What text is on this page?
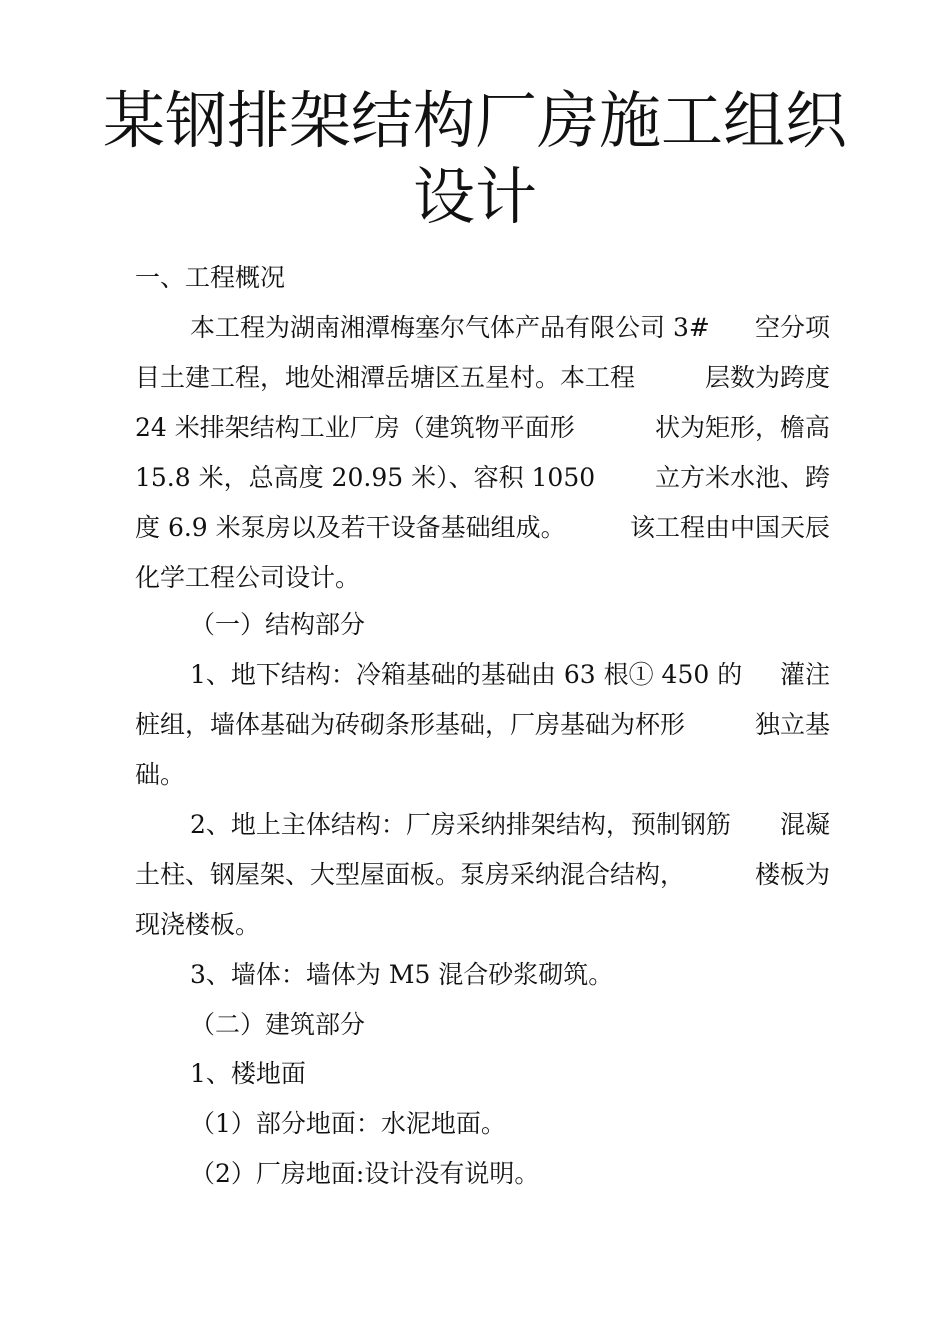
某钢排架结构厂房施工组织
设计
一、工程概况
本工程为湖南湘潭梅塞尔气体产品有限公司 3# 空分项
目土建工程，地处湘潭岳塘区五星村。本工程	层数为跨度
24 米排架结构工业厂房（建筑物平面形	状为矩形，檐高
15.8 米，总高度 20.95 米）、容积 1050 立方米水池、跨
度 6.9 米泵房以及若干设备基础组成。	该工程由中国天辰
化学工程公司设计。
（一）结构部分
1、地下结构：冷箱基础的基础由 63 根① 450 的 灌注
桩组，墙体基础为砖砌条形基础，厂房基础为杯形	独立基
础。
2、地上主体结构：厂房采纳排架结构，预制钢筋 混凝
土柱、钢屋架、大型屋面板。泵房采纳混合结构，	楼板为
现浇楼板。
3、墙体：墙体为 M5 混合砂浆砌筑。
（二）建筑部分
1、楼地面
（1）部分地面：水泥地面。
（2）厂房地面:设计没有说明。
